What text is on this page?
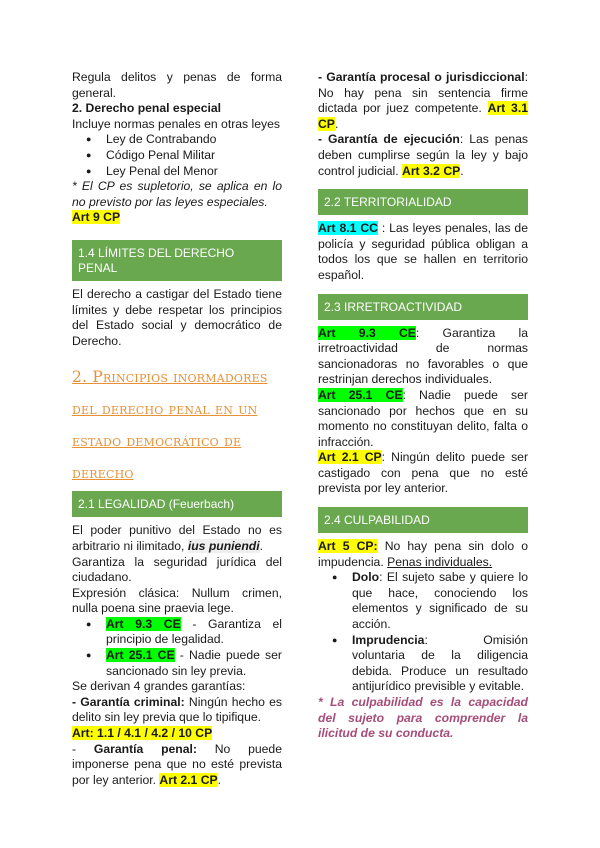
Regula delitos y penas de forma general.

2. Derecho penal especial

Incluye normas penales en otras leyes

● Ley de Contrabando
● Código Penal Militar
● Ley Penal del Menor

* El CP es supletorio, se aplica en lo no previsto por las leyes especiales.

Art 9 CP

1.4 LÍMITES DEL DERECHO PENAL

El derecho a castigar del Estado tiene límites y debe respetar los principios del Estado social y democrático de Derecho.

2. Principios inormadores del derecho penal en un estado democrático de derecho
2.1 LEGALIDAD (Feuerbach)

El poder punitivo del Estado no es arbitrario ni ilimitado, ius puniendi.

Garantiza la seguridad jurídica del ciudadano.

Expresión clásica: Nullum crimen, nulla poena sine praevia lege.

● Art 9.3 CE - Garantiza el principio de legalidad.
● Art 25.1 CE - Nadie puede ser sancionado sin ley previa.

Se derivan 4 grandes garantías:

- Garantía criminal: Ningún hecho es delito sin ley previa que lo tipifique.

Art: 1.1 / 4.1 / 4.2 / 10 CP

- Garantía penal: No puede imponerse pena que no esté prevista por ley anterior. Art 2.1 CP.

- Garantía procesal o jurisdiccional: No hay pena sin sentencia firme dictada por juez competente. Art 3.1 CP.

- Garantía de ejecución: Las penas deben cumplirse según la ley y bajo control judicial. Art 3.2 CP.

2.2 TERRITORIALIDAD

Art 8.1 CC : Las leyes penales, las de policía y seguridad pública obligan a todos los que se hallen en territorio español.

2.3 IRRETROACTIVIDAD

Art 9.3 CE: Garantiza la irretroactividad de normas sancionadoras no favorables o que restrinjan derechos individuales.

Art 25.1 CE: Nadie puede ser sancionado por hechos que en su momento no constituyan delito, falta o infracción.

Art 2.1 CP: Ningún delito puede ser castigado con pena que no esté prevista por ley anterior.

2.4 CULPABILIDAD

Art 5 CP: No hay pena sin dolo o impudencia. Penas individuales.

● Dolo: El sujeto sabe y quiere lo que hace, conociendo los elementos y significado de su acción.
● Imprudencia: Omisión voluntaria de la diligencia debida. Produce un resultado antijurídico previsible y evitable.

* La culpabilidad es la capacidad del sujeto para comprender la ilicitud de su conducta.
